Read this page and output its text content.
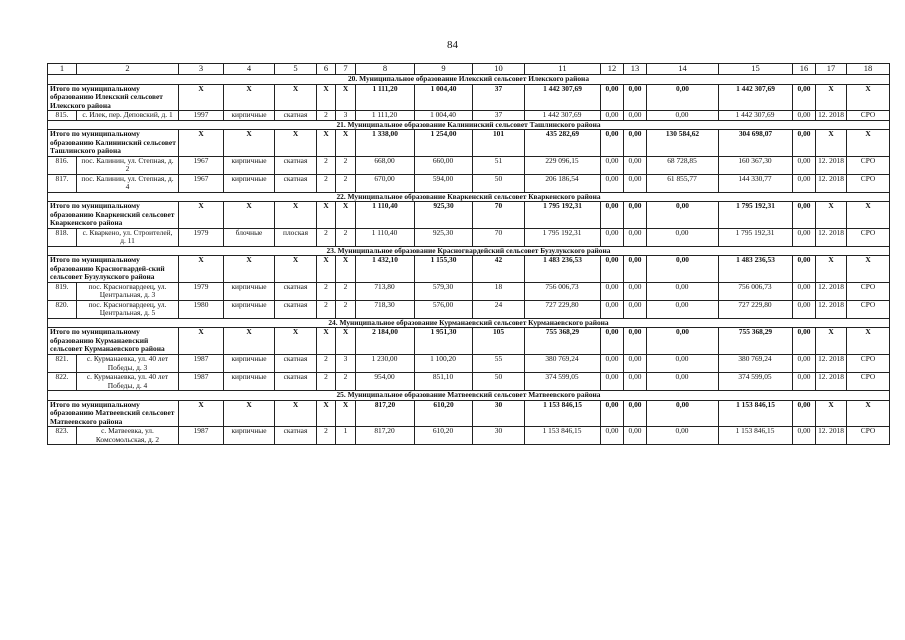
84
1	2	3	4	5	6	7	8	9	10	11	12	13	14	15	16	17	18
20. Муниципальное образование Илекский сельсовет Илекского района																	
Итого по муниципальному образованию Илекский сельсовет Илекского района		X	X	X	X	X	1 111,20	1 004,40	37	1 442 307,69	0,00	0,00	0,00	1 442 307,69	0,00	X	X
815.	с. Илек, пер. Деповский, д. 1	1997	кирпичные	скатная	2	3	1 111,20	1 004,40	37	1 442 307,69	0,00	0,00	0,00	1 442 307,69	0,00	12. 2018	СРО
21. Муниципальное образование Калининский сельсовет Ташлинского района																	
Итого по муниципальному образованию Калининский сельсовет Ташлинского района		X	X	X	X	X	1 338,00	1 254,00	101	435 282,69	0,00	0,00	130 584,62	304 698,07	0,00	X	X
816.	пос. Калинин, ул. Степная, д. 2	1967	кирпичные	скатная	2	2	668,00	660,00	51	229 096,15	0,00	0,00	68 728,85	160 367,30	0,00	12. 2018	СРО
817.	пос. Калинин, ул. Степная, д. 4	1967	кирпичные	скатная	2	2	670,00	594,00	50	206 186,54	0,00	0,00	61 855,77	144 330,77	0,00	12. 2018	СРО
22. Муниципальное образование Кваркенский сельсовет Кваркенского района																	
Итого по муниципальному образованию Кваркенский сельсовет Кваркенского района		X	X	X	X	X	1 110,40	925,30	70	1 795 192,31	0,00	0,00	0,00	1 795 192,31	0,00	X	X
818.	с. Кваркено, ул. Строителей, д. 11	1979	блочные	плоская	2	2	1 110,40	925,30	70	1 795 192,31	0,00	0,00	0,00	1 795 192,31	0,00	12. 2018	СРО
23. Муниципальное образование Красногвардейский сельсовет Бузулукского района																	
Итого по муниципальному образованию Красногвардей-ский сельсовет Бузулукского района		X	X	X	X	X	1 432,10	1 155,30	42	1 483 236,53	0,00	0,00	0,00	1 483 236,53	0,00	X	X
819.	пос. Красногвардеец, ул. Центральная, д. 3	1979	кирпичные	скатная	2	2	713,80	579,30	18	756 006,73	0,00	0,00	0,00	756 006,73	0,00	12. 2018	СРО
820.	пос. Красногвардеец, ул. Центральная, д. 5	1980	кирпичные	скатная	2	2	718,30	576,00	24	727 229,80	0,00	0,00	0,00	727 229,80	0,00	12. 2018	СРО
24. Муниципальное образование Курманаевский сельсовет Курманаевского района																	
Итого по муниципальному образованию Курманаевский сельсовет Курманаевского района		X	X	X	X	X	2 184,00	1 951,30	105	755 368,29	0,00	0,00	0,00	755 368,29	0,00	X	X
821.	с. Курманаевка, ул. 40 лет Победы, д. 3	1987	кирпичные	скатная	2	3	1 230,00	1 100,20	55	380 769,24	0,00	0,00	0,00	380 769,24	0,00	12. 2018	СРО
822.	с. Курманаевка, ул. 40 лет Победы, д. 4	1987	кирпичные	скатная	2	2	954,00	851,10	50	374 599,05	0,00	0,00	0,00	374 599,05	0,00	12. 2018	СРО
25. Муниципальное образование Матвеевский сельсовет Матвеевского района																	
Итого по муниципальному образованию Матвеевский сельсовет Матвеевского района		X	X	X	X	X	817,20	610,20	30	1 153 846,15	0,00	0,00	0,00	1 153 846,15	0,00	X	X
823.	с. Матвеевка, ул. Комсомольская, д. 2	1987	кирпичные	скатная	2	1	817,20	610,20	30	1 153 846,15	0,00	0,00	0,00	1 153 846,15	0,00	12. 2018	СРО
